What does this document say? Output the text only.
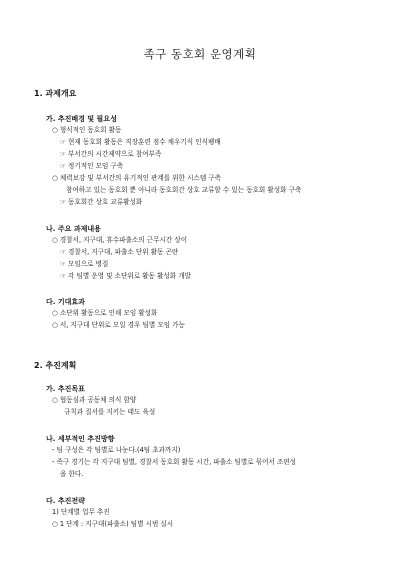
족구 동호회 운영계획
1. 과제개요
가. 추진배경 및 필요성
○ 형식적인 동호회 활동
☞ 현재 동호회 활동은 직장훈련 점수 채우기식 인식팽배
☞ 부서간의 시간제약으로 참여부족
☞ 정기적인 모임 구축
○ 체력보강 및 부서간의 유기적인 관계를 위한 시스템 구축
참여하고 있는 동호회 뿐 아니라 동호회간 상호 교류할 수 있는 동호회 활성화 구축
☞ 동호회간 상호 교류활성화
나. 주요 과제내용
○ 경찰서, 지구대, 휴수파출소의 근무시간 상이
☞ 경찰서, 지구대, 파출소 단위 활동 곤란
☞ 모임으로 병질
☞ 각 팀별 운영 및 소단위로 활동 활성화 개발
다. 기대효과
○ 소단위 활동으로 인해 모임 활성화
○ 서, 지구대 단위로 모일 경우 팀별 모임 가능
2. 추진계획
가. 추진목표
○ 협동심과 공동체 의식 함양
규칙과 질서를 지키는 태도 육성
나. 세부적인 추진방향
- 팀 구성은 각 팀별로 나눈다.(4팀 초과까지)
- 족구 경기는 각 지구대 팀별, 경찰서 동호회 활동 시간, 파출소 팀별로 묶어서 조편성
을 한다.
다. 추진전략
1) 단계별 업무 추진
○ 1 단계 : 지구대(파출소) 팀별 시범 실시
